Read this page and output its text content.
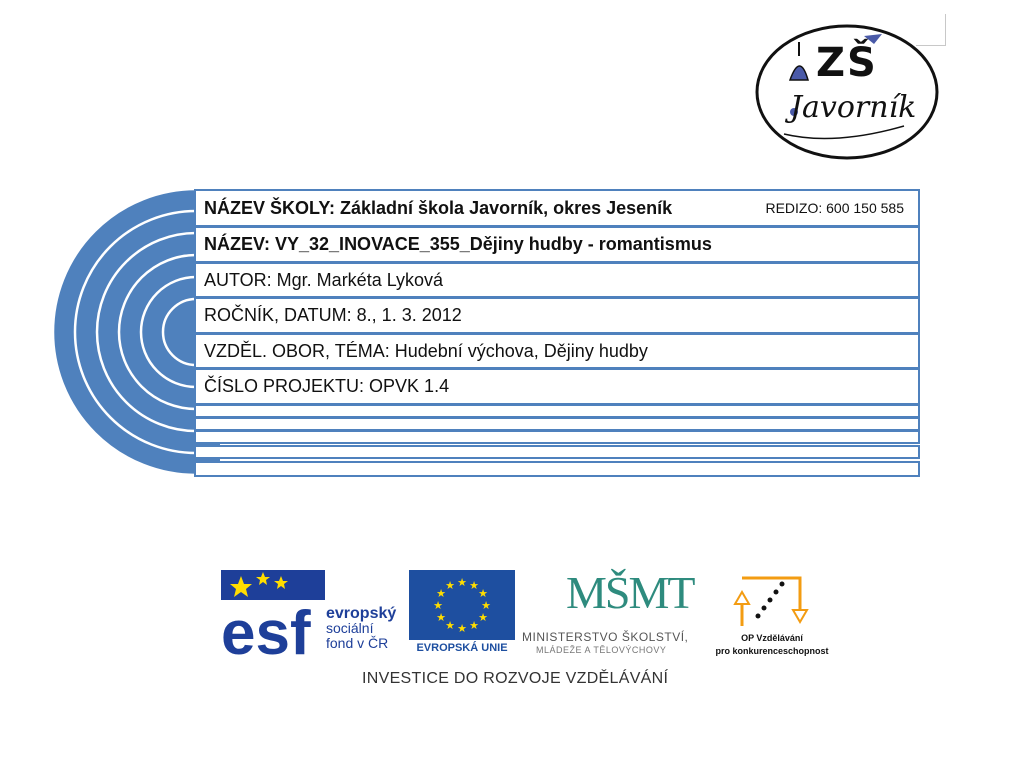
ZŠ
Javorník
NÁZEV ŠKOLY: Základní škola Javorník, okres Jeseník	REDIZO: 600 150 585
NÁZEV: VY_32_INOVACE_355_Dějiny hudby - romantismus
AUTOR: Mgr. Markéta Lyková
ROČNÍK, DATUM: 8., 1. 3. 2012
VZDĚL. OBOR, TÉMA: Hudební výchova, Dějiny hudby
ČÍSLO PROJEKTU: OPVK 1.4
esf evropský
sociální
fond v ČR
★ ★
★
★
★
★
★
★
★
★
★
★
EVROPSKÁ UNIE
MŠMT
MINISTERSTVO ŠKOLSTVÍ,
MLÁDEŽE A TĚLOVÝCHOVY
OP Vzdělávání
pro konkurenceschopnost
INVESTICE DO ROZVOJE VZDĚLÁVÁNÍ
